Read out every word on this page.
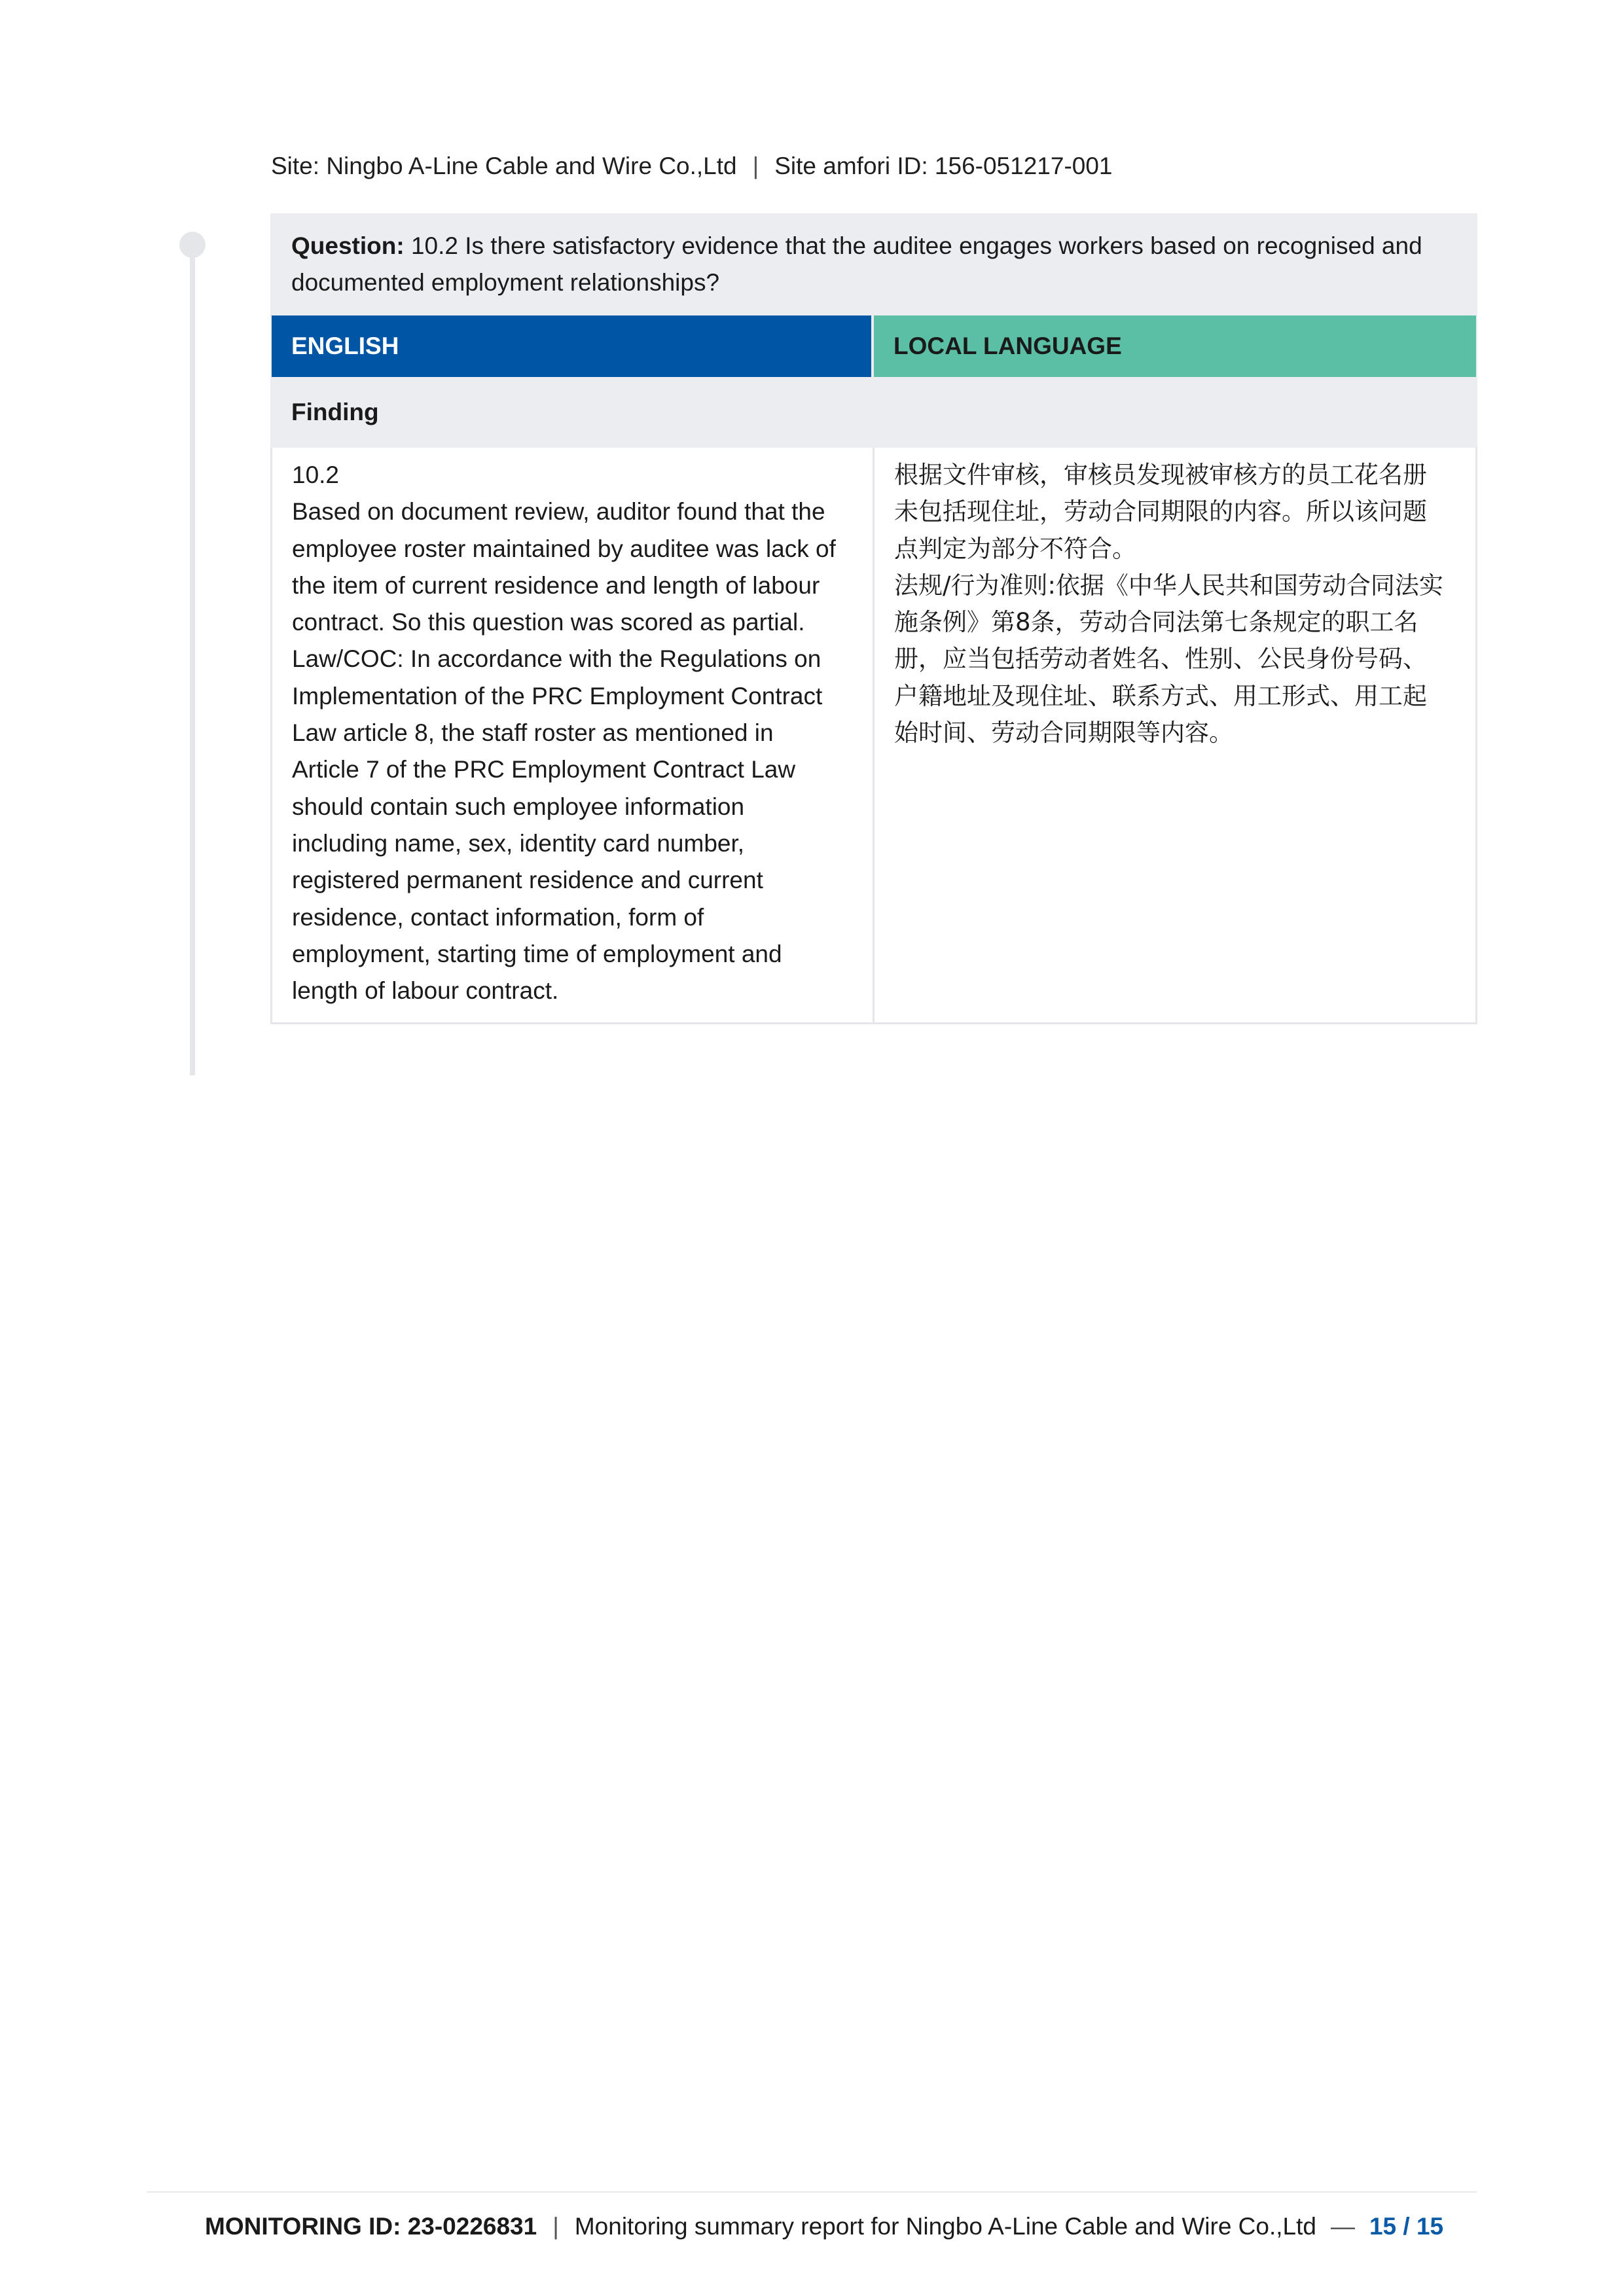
Site: Ningbo A-Line Cable and Wire Co.,Ltd | Site amfori ID: 156-051217-001
Question: 10.2 Is there satisfactory evidence that the auditee engages workers based on recognised and documented employment relationships?
ENGLISH	LOCAL LANGUAGE
Finding
10.2
Based on document review, auditor found that the
employee roster maintained by auditee was lack of
the item of current residence and length of labour
contract. So this question was scored as partial.
Law/COC: In accordance with the Regulations on
Implementation of the PRC Employment Contract
Law article 8, the staff roster as mentioned in
Article 7 of the PRC Employment Contract Law
should contain such employee information
including name, sex, identity card number,
registered permanent residence and current
residence, contact information, form of
employment, starting time of employment and
length of labour contract.
根据文件审核，审核员发现被审核方的员工花名册
未包括现住址，劳动合同期限的内容。所以该问题
点判定为部分不符合。
法规/行为准则:依据《中华人民共和国劳动合同法实
施条例》第8条，劳动合同法第七条规定的职工名
册，应当包括劳动者姓名、性别、公民身份号码、
户籍地址及现住址、联系方式、用工形式、用工起
始时间、劳动合同期限等内容。
MONITORING ID: 23-0226831 | Monitoring summary report for Ningbo A-Line Cable and Wire Co.,Ltd — 15 / 15
